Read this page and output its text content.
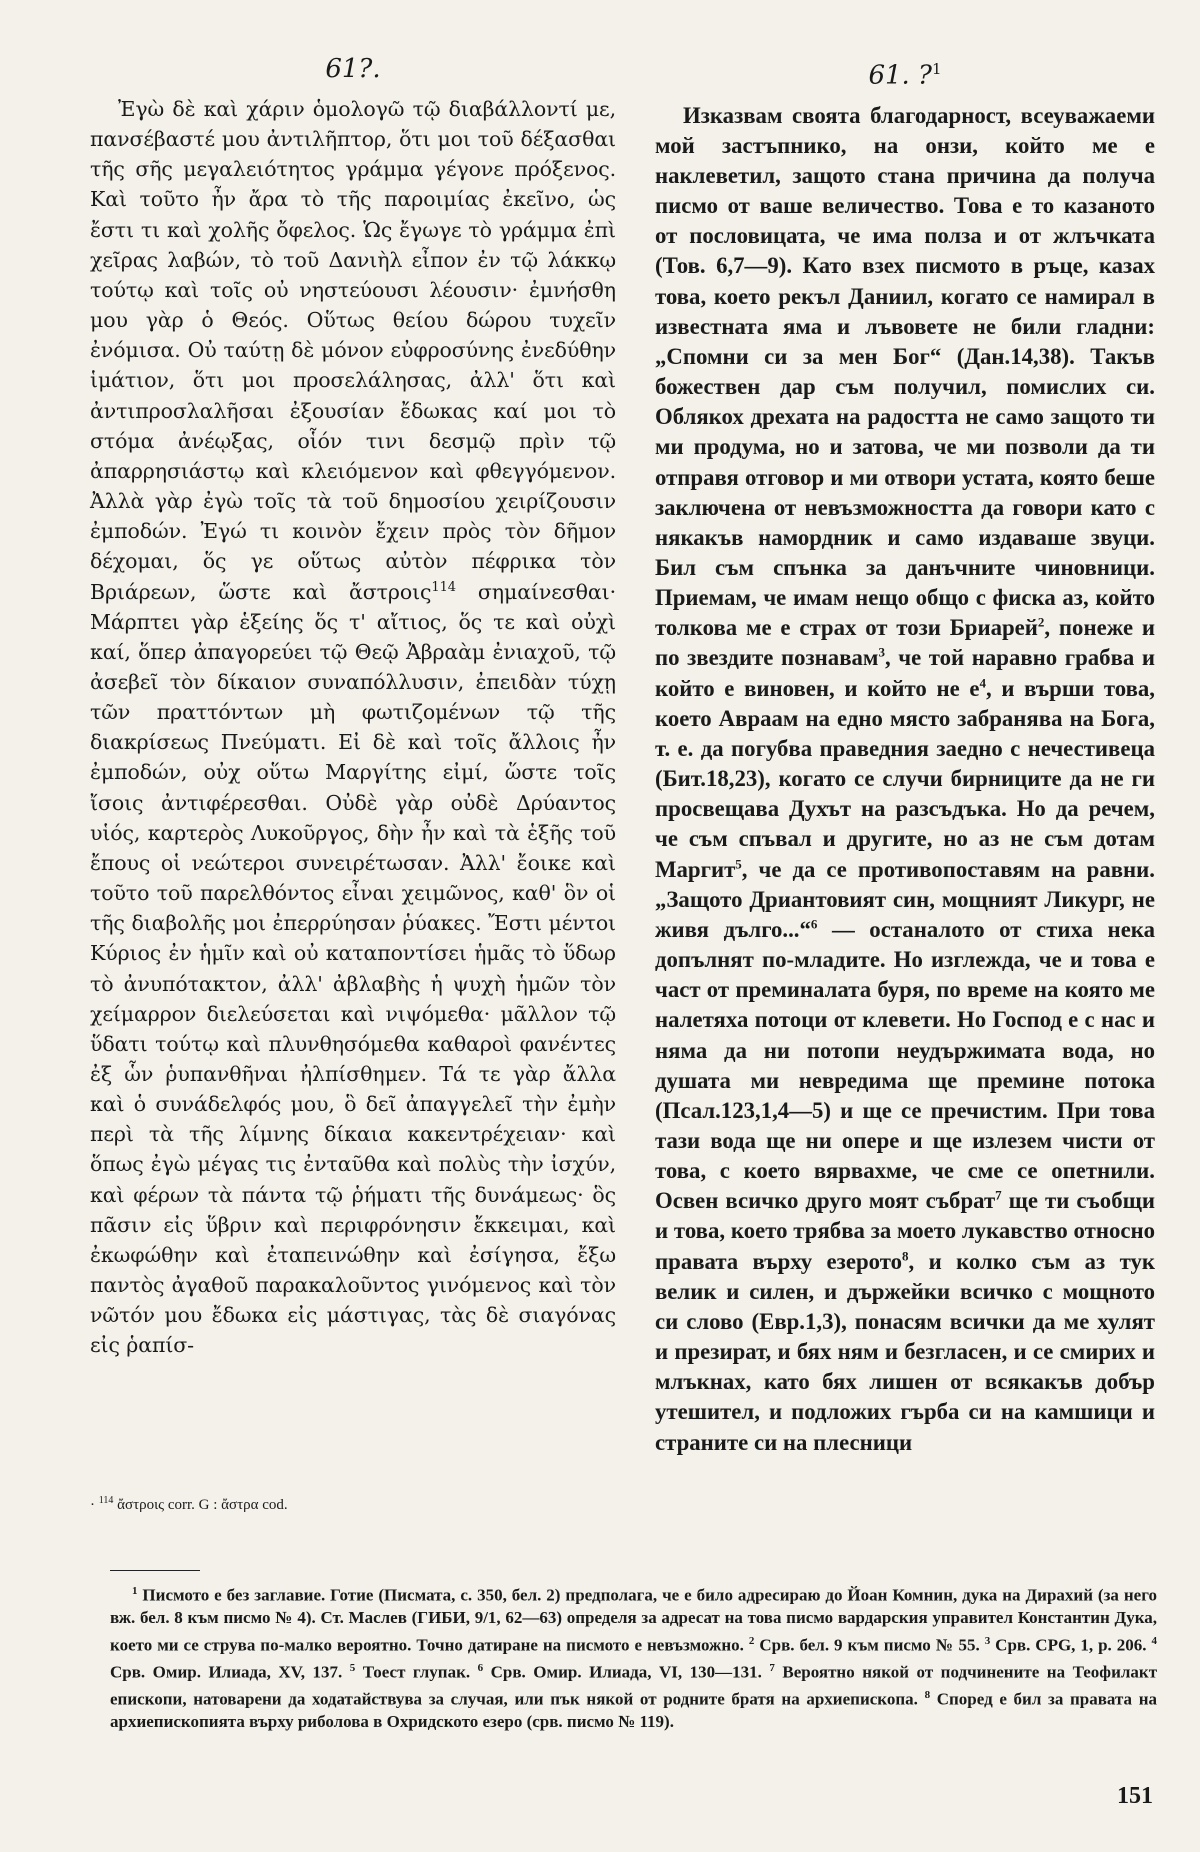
61?.

Ἐγὼ δὲ καὶ χάριν ὁμολογῶ τῷ διαβάλλοντί με, πανσέβαστέ μου ἀντιλῆπτορ, ὅτι μοι τοῦ δέξασθαι τῆς σῆς μεγαλειότητος γράμμα γέγονε πρόξενος. Καὶ τοῦτο ἦν ἄρα τὸ τῆς παροιμίας ἐκεῖνο, ὡς ἔστι τι καὶ χολῆς ὄφελος. Ὡς ἔγωγε τὸ γράμμα ἐπὶ χεῖρας λαβών, τὸ τοῦ Δανιὴλ εἶπον ἐν τῷ λάκκῳ τούτῳ καὶ τοῖς οὐ νηστεύουσι λέουσιν· ἐμνήσθη μου γὰρ ὁ Θεός. Οὕτως θείου δώρου τυχεῖν ἐνόμισα. Οὐ ταύτῃ δὲ μόνον εὐφροσύνης ἐνεδύθην ἱμάτιον, ὅτι μοι προσελάλησας, ἀλλ' ὅτι καὶ ἀντιπροσλαλῆσαι ἐξουσίαν ἔδωκας καί μοι τὸ στόμα ἀνέῳξας, οἷόν τινι δεσμῷ πρὶν τῷ ἀπαρρησιάστῳ καὶ κλειόμενον καὶ φθεγγόμενον. Ἀλλὰ γὰρ ἐγὼ τοῖς τὰ τοῦ δημοσίου χειρίζουσιν ἐμποδών. Ἐγώ τι κοινὸν ἔχειν πρὸς τὸν δῆμον δέχομαι, ὅς γε οὕτως αὐτὸν πέφρικα τὸν Βριάρεων, ὥστε καὶ ἄστροις$^{114}$ σημαίνεσθαι· Μάρπτει γὰρ ἑξείης ὅς τ' αἴτιος, ὅς τε καὶ οὐχὶ καί, ὅπερ ἀπαγορεύει τῷ Θεῷ Ἀβραὰμ ἐνιαχοῦ, τῷ ἀσεβεῖ τὸν δίκαιον συναπόλλυσιν, ἐπειδὰν τύχῃ τῶν πραττόντων μὴ φωτιζομένων τῷ τῆς διακρίσεως Πνεύματι. Εἰ δὲ καὶ τοῖς ἄλλοις ἦν ἐμποδών, οὐχ οὕτω Μαργίτης εἰμί, ὥστε τοῖς ἴσοις ἀντιφέρεσθαι. Οὐδὲ γὰρ οὐδὲ Δρύαντος υἱός, καρτερὸς Λυκοῦργος, δὴν ἦν καὶ τὰ ἑξῆς τοῦ ἔπους οἱ νεώτεροι συνειρέτωσαν. Ἀλλ' ἔοικε καὶ τοῦτο τοῦ παρελθόντος εἶναι χειμῶνος, καθ' ὃν οἱ τῆς διαβολῆς μοι ἐπερρύησαν ῥύακες. Ἔστι μέντοι Κύριος ἐν ἡμῖν καὶ οὐ καταποντίσει ἡμᾶς τὸ ὕδωρ τὸ ἀνυπότακτον, ἀλλ' ἀβλαβὴς ἡ ψυχὴ ἡμῶν τὸν χείμαρρον διελεύσεται καὶ νιψόμεθα· μᾶλλον τῷ ὕδατι τούτῳ καὶ πλυνθησόμεθα καθαροὶ φανέντες ἐξ ὧν ῥυπανθῆναι ἠλπίσθημεν. Τά τε γὰρ ἄλλα καὶ ὁ συνάδελφός μου, ὃ δεῖ ἀπαγγελεῖ τὴν ἐμὴν περὶ τὰ τῆς λίμνης δίκαια κακεντρέχειαν· καὶ ὅπως ἐγὼ μέγας τις ἐνταῦθα καὶ πολὺς τὴν ἰσχύν, καὶ φέρων τὰ πάντα τῷ ῥήματι τῆς δυνάμεως· ὃς πᾶσιν εἰς ὕβριν καὶ περιφρόνησιν ἔκκειμαι, καὶ ἐκωφώθην καὶ ἐταπεινώθην καὶ ἐσίγησα, ἔξω παντὸς ἀγαθοῦ παρακαλοῦντος γινόμενος καὶ τὸν νῶτόν μου ἔδωκα εἰς μάστιγας, τὰς δὲ σιαγόνας εἰς ῥαπίσ-

61. ?$^1$

Изказвам своята благодарност, всеуважаеми мой застъпнико, на онзи, който ме е наклеветил, защото стана причина да получа писмо от ваше величество. Това е то казаното от пословицата, че има полза и от жлъчката (Тов. 6,7—9). Като взех писмото в ръце, казах това, което рекъл Даниил, когато се намирал в известната яма и лъвовете не били гладни: „Спомни си за мен Бог“ (Дан.14,38). Такъв божествен дар съм получил, помислих си. Облякох дрехата на радостта не само защото ти ми продума, но и затова, че ми позволи да ти отправя отговор и ми отвори устата, която беше заключена от невъзможността да говори като с някакъв намордник и само издаваше звуци. Бил съм спънка за данъчните чиновници. Приемам, че имам нещо общо с фиска аз, който толкова ме е страх от този Бриарей$^2$, понеже и по звездите познавам$^3$, че той наравно грабва и който е виновен, и който не $е^4$, и върши това, което Авраам на едно място забранява на Бога, т. е. да погубва праведния заедно с нечестивеца (Бит.18,23), когато се случи бирниците да не ги просвещава Духът на разсъдъка. Но да речем, че съм спъвал и другите, но аз не съм дотам Маргит$^5$, че да се противопоставям на равни. „Защото Дриантовият син, мощният Ликург, не живя дълго...“$^6$ — останалото от стиха нека допълнят по-младите. Но изглежда, че и това е част от преминалата буря, по време на която ме налетяха потоци от клевети. Но Господ е с нас и няма да ни потопи неудържимата вода, но душата ми невредима ще премине потока (Псал.123,1,4—5) и ще се пречистим. При това тази вода ще ни опере и ще излезем чисти от това, с което вярвахме, че сме се опетнили. Освен всичко друго моят събрат$^7$ ще ти съобщи и това, което трябва за моето лукавство относно правата върху езерото$^8$, и колко съм аз тук велик и силен, и държейки всичко с мощното си слово (Евр.1,3), понасям всички да ме хулят и презират, и бях ням и безгласен, и се смирих и млъкнах, като бях лишен от всякакъв добър утешител, и подложих гърба си на камшици и страните си на плесници

· $^{114}$ ἄστροις corr. G : ἄστρα cod.

$^1$ Писмото е без заглавие. Готие (Писмата, с. 350, бел. 2) предполага, че е било адресираю до Йоан Комнин, дука на Дирахий (за него вж. бел. 8 към писмо № 4). Ст. Маслев (ГИБИ, 9/1, 62—63) определя за адресат на това писмо вардарския управител Константин Дука, което ми се струва по-малко вероятно. Точно датиране на писмото е невъзможно. $^2$ Срв. бел. 9 към писмо № 55. $^3$ Срв. CPG, 1, p. 206. $^4$ Срв. Омир. Илиада, XV, 137. $^5$ Тоест глупак. $^6$ Срв. Омир. Илиада, VI, 130—131. $^7$ Вероятно някой от подчинените на Теофилакт епископи, натоварени да ходатайствува за случая, или пък някой от родните братя на архиепископа. $^8$ Според е бил за правата на архиепископията върху риболова в Охридското езеро (срв. писмо № 119).

151
